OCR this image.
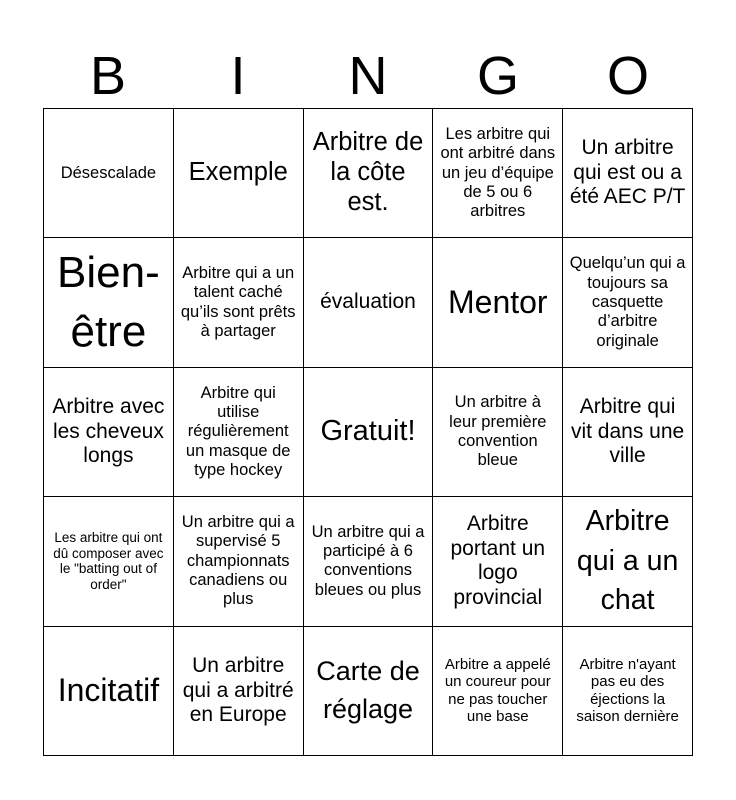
B	I	N	G	O
Désescalade	Exemple
Arbitre de la côte est.
Les arbitre qui ont arbitré dans un jeu d’équipe de 5 ou 6 arbitres
Un arbitre qui est ou a été AEC P/T
Bien-être
Arbitre qui a un talent caché qu’ils sont prêts à partager
évaluation	Mentor
Quelqu’un qui a toujours sa casquette d’arbitre originale
Arbitre avec les cheveux longs
Arbitre qui utilise régulièrement un masque de type hockey
Gratuit!
Un arbitre à leur première convention bleue
Arbitre qui vit dans une ville
Les arbitre qui ont dû composer avec le "batting out of order"
Un arbitre qui a supervisé 5 championnats canadiens ou plus
Un arbitre qui a participé à 6 conventions bleues ou plus
Arbitre portant un logo provincial
Arbitre qui a un chat
Incitatif
Un arbitre qui a arbitré en Europe
Carte de réglage
Arbitre a appelé un coureur pour ne pas toucher une base
Arbitre n'ayant pas eu des éjections la saison dernière
